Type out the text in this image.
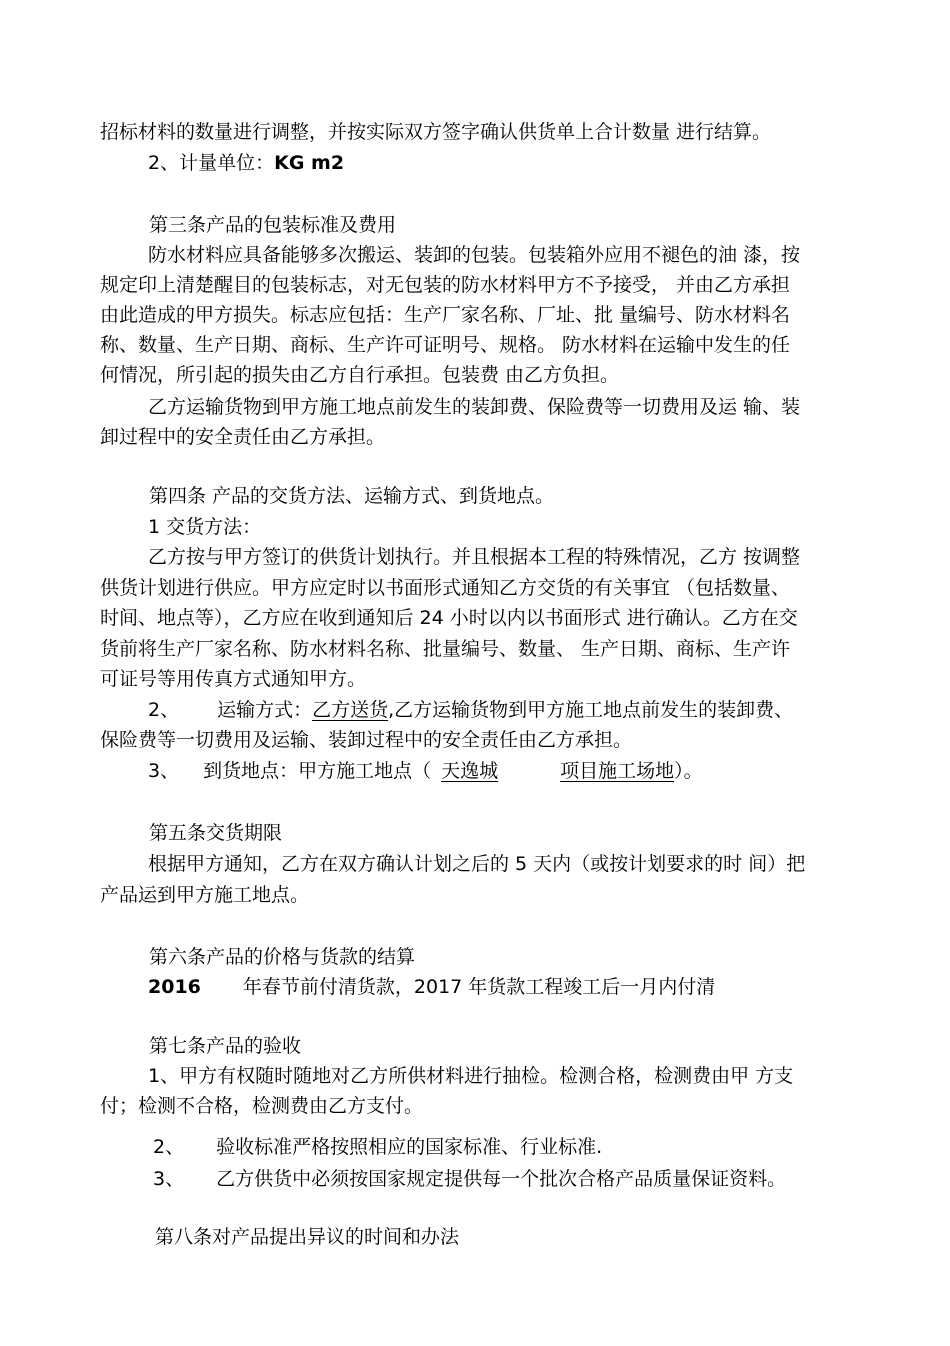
招标材料的数量进行调整，并按实际双方签字确认供货单上合计数量 进行结算。
2、计量单位：KG m2
第三条产品的包装标准及费用
防水材料应具备能够多次搬运、装卸的包装。包装箱外应用不褪色的油 漆，按
规定印上清楚醒目的包装标志，对无包装的防水材料甲方不予接受， 并由乙方承担
由此造成的甲方损失。标志应包括：生产厂家名称、厂址、批 量编号、防水材料名
称、数量、生产日期、商标、生产许可证明号、规格。 防水材料在运输中发生的任
何情况，所引起的损失由乙方自行承担。包装费 由乙方负担。
乙方运输货物到甲方施工地点前发生的装卸费、保险费等一切费用及运 输、装
卸过程中的安全责任由乙方承担。
第四条 产品的交货方法、运输方式、到货地点。
1 交货方法：
乙方按与甲方签订的供货计划执行。并且根据本工程的特殊情况，乙方 按调整
供货计划进行供应。甲方应定时以书面形式通知乙方交货的有关事宜 （包括数量、
时间、地点等），乙方应在收到通知后 24 小时以内以书面形式 进行确认。乙方在交
货前将生产厂家名称、防水材料名称、批量编号、数量、 生产日期、商标、生产许
可证号等用传真方式通知甲方。
2、 运输方式：乙方送货,乙方运输货物到甲方施工地点前发生的装卸费、
保险费等一切费用及运输、装卸过程中的安全责任由乙方承担。
3、 到货地点：甲方施工地点（ 天逸城	项目施工场地）。
第五条交货期限
根据甲方通知，乙方在双方确认计划之后的 5 天内（或按计划要求的时 间）把
产品运到甲方施工地点。
第六条产品的价格与货款的结算
2016 年春节前付清货款，2017 年货款工程竣工后一月内付清
第七条产品的验收
1、甲方有权随时随地对乙方所供材料进行抽检。检测合格，检测费由甲 方支
付；检测不合格，检测费由乙方支付。
2、 验收标准严格按照相应的国家标准、行业标准.
3、 乙方供货中必须按国家规定提供每一个批次合格产品质量保证资料。
第八条对产品提出异议的时间和办法
